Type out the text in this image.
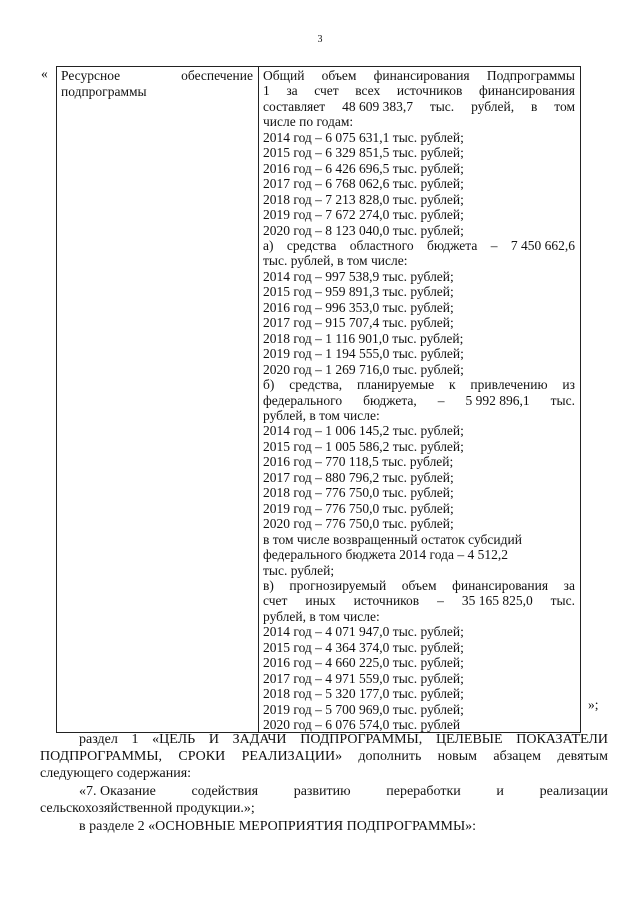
3
« Ресурсное	обеспечение
подпрограммы

Общий объем финансирования Подпрограммы
1 за счет всех источников финансирования
составляет 48 609 383,7 тыс. рублей, в том
числе по годам:
2014 год – 6 075 631,1 тыс. рублей;
2015 год – 6 329 851,5 тыс. рублей;
2016 год – 6 426 696,5 тыс. рублей;
2017 год – 6 768 062,6 тыс. рублей;
2018 год – 7 213 828,0 тыс. рублей;
2019 год – 7 672 274,0 тыс. рублей;
2020 год – 8 123 040,0 тыс. рублей;
а) средства областного бюджета – 7 450 662,6
тыс. рублей, в том числе:
2014 год – 997 538,9 тыс. рублей;
2015 год – 959 891,3 тыс. рублей;
2016 год – 996 353,0 тыс. рублей;
2017 год – 915 707,4 тыс. рублей;
2018 год – 1 116 901,0 тыс. рублей;
2019 год – 1 194 555,0 тыс. рублей;
2020 год – 1 269 716,0 тыс. рублей;
б) средства, планируемые к привлечению из
федерального бюджета, – 5 992 896,1 тыс.
рублей, в том числе:
2014 год – 1 006 145,2 тыс. рублей;
2015 год – 1 005 586,2 тыс. рублей;
2016 год – 770 118,5 тыс. рублей;
2017 год – 880 796,2 тыс. рублей;
2018 год – 776 750,0 тыс. рублей;
2019 год – 776 750,0 тыс. рублей;
2020 год – 776 750,0 тыс. рублей;
в том числе возвращенный остаток субсидий
федерального бюджета 2014 года – 4 512,2
тыс. рублей;
в) прогнозируемый объем финансирования за
счет иных источников – 35 165 825,0 тыс.
рублей, в том числе:
2014 год – 4 071 947,0 тыс. рублей;
2015 год – 4 364 374,0 тыс. рублей;
2016 год – 4 660 225,0 тыс. рублей;
2017 год – 4 971 559,0 тыс. рублей;
2018 год – 5 320 177,0 тыс. рублей;
2019 год – 5 700 969,0 тыс. рублей;
2020 год – 6 076 574,0 тыс. рублей
»;
раздел 1 «ЦЕЛЬ И ЗАДАЧИ ПОДПРОГРАММЫ, ЦЕЛЕВЫЕ ПОКАЗАТЕЛИ
ПОДПРОГРАММЫ, СРОКИ РЕАЛИЗАЦИИ» дополнить новым абзацем девятым
следующего содержания:
«7. Оказание	содействия	развитию	переработки	и	реализации
сельскохозяйственной продукции.»;
в разделе 2 «ОСНОВНЫЕ МЕРОПРИЯТИЯ ПОДПРОГРАММЫ»:
